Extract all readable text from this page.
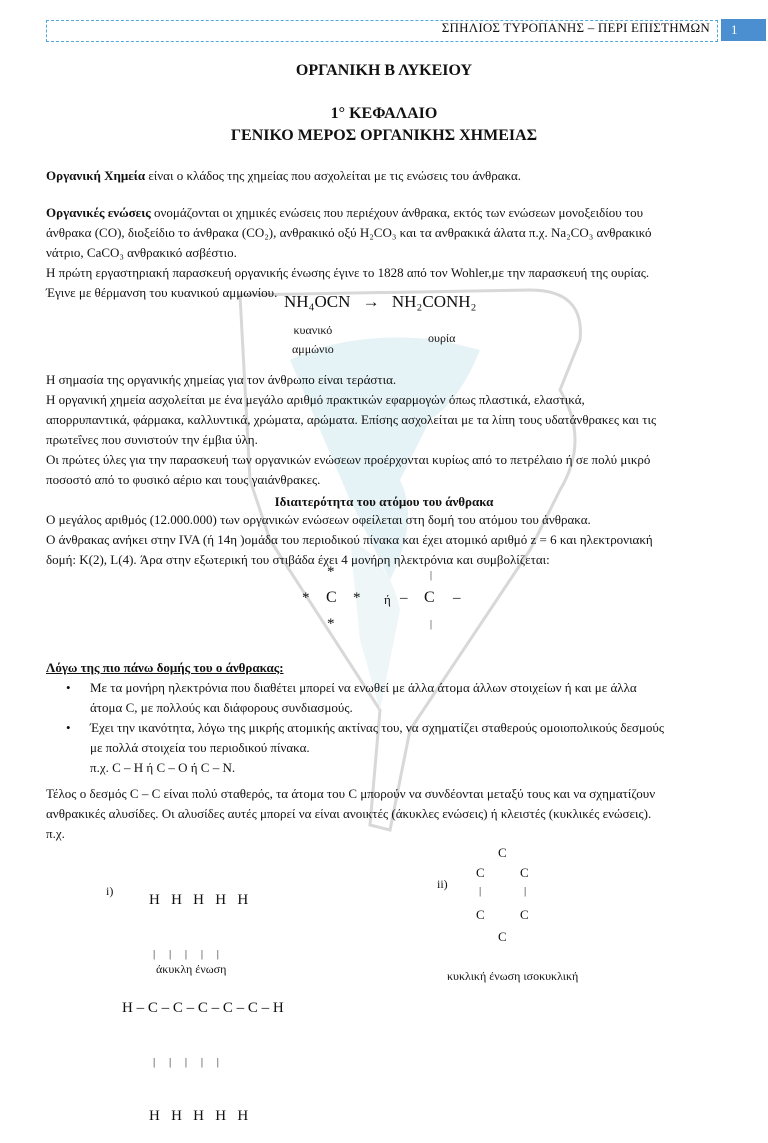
ΣΠΗΛΙΟΣ ΤΥΡΟΠΑΝΗΣ – ΠΕΡΙ ΕΠΙΣΤΗΜΩΝ	1
ΟΡΓΑΝΙΚΗ Β ΛΥΚΕΙΟΥ
1° ΚΕΦΑΛΑΙΟ
ΓΕΝΙΚΟ ΜΕΡΟΣ ΟΡΓΑΝΙΚΗΣ ΧΗΜΕΙΑΣ
Οργανική Χημεία είναι ο κλάδος της χημείας που ασχολείται με τις ενώσεις του άνθρακα.
Οργανικές ενώσεις ονομάζονται οι χημικές ενώσεις που περιέχουν άνθρακα, εκτός των ενώσεων μονοξειδίου του
άνθρακα (CO), διοξείδιο το άνθρακα (CO₂), ανθρακικό οξύ H₂CO₃ και τα ανθρακικά άλατα π.χ. Na₂CO₃ ανθρακικό
νάτριο, CaCO₃ ανθρακικό ασβέστιο.
Η πρώτη εργαστηριακή παρασκευή οργανικής ένωσης έγινε το 1828 από τον Wohler,με την παρασκευή της ουρίας.
Έγινε με θέρμανση του κυανικού αμμωνίου. NH₄OCN → NH₂CONH₂
κυανικό
αμμώνιο
ουρία
Η σημασία της οργανικής χημείας για τον άνθρωπο είναι τεράστια.
Η οργανική χημεία ασχολείται με ένα μεγάλο αριθμό πρακτικών εφαρμογών όπως πλαστικά, ελαστικά,
απορρυπαντικά, φάρμακα, καλλυντικά, χρώματα, αρώματα. Επίσης ασχολείται με τα λίπη τους υδατάνθρακες και τις
πρωτεΐνες που συνιστούν την έμβια ύλη.
Οι πρώτες ύλες για την παρασκευή των οργανικών ενώσεων προέρχονται κυρίως από το πετρέλαιο ή σε πολύ μικρό
ποσοστό από το φυσικό αέριο και τους γαιάνθρακες.
Ιδιαιτερότητα του ατόμου του άνθρακα
Ο μεγάλος αριθμός (12.000.000) των οργανικών ενώσεων οφείλεται στη δομή του ατόμου του άνθρακα.
Ο άνθρακας ανήκει στην IVA (ή 14η )ομάδα του περιοδικού πίνακα και έχει ατομικό αριθμό z = 6 και ηλεκτρονιακή
δομή: K(2), L(4). Άρα στην εξωτερική του στιβάδα έχει 4 μονήρη ηλεκτρόνια και συμβολίζεται:
*
* C *
*
ή –
|
C –
|
Λόγω της πιο πάνω δομής του ο άνθρακας:
• Με τα μονήρη ηλεκτρόνια που διαθέτει μπορεί να ενωθεί με άλλα άτομα άλλων στοιχείων ή και με άλλα
άτομα C, με πολλούς και διάφορους συνδιασμούς.
• Έχει την ικανότητα, λόγω της μικρής ατομικής ακτίνας του, να σχηματίζει σταθερούς ομοιοπολικούς δεσμούς
με πολλά στοιχεία του περιοδικού πίνακα.
π.χ. C – H ή C – O ή C – N.
Τέλος ο δεσμός C – C είναι πολύ σταθερός, τα άτομα του C μπορούν να συνδέονται μεταξύ τους και να σχηματίζουν
ανθρακικές αλυσίδες. Οι αλυσίδες αυτές μπορεί να είναι ανοικτές (άκυκλες ενώσεις) ή κλειστές (κυκλικές ενώσεις).
π.χ.
i)

H   H   H   H   H

|     |     |     |     |

H – C – C – C – C – C – H

|     |     |     |     |

H   H   H   H   H

άκυκλη ένωση
ii)
C
C	C
|	|
C	C
C
κυκλική ένωση ισοκυκλική
